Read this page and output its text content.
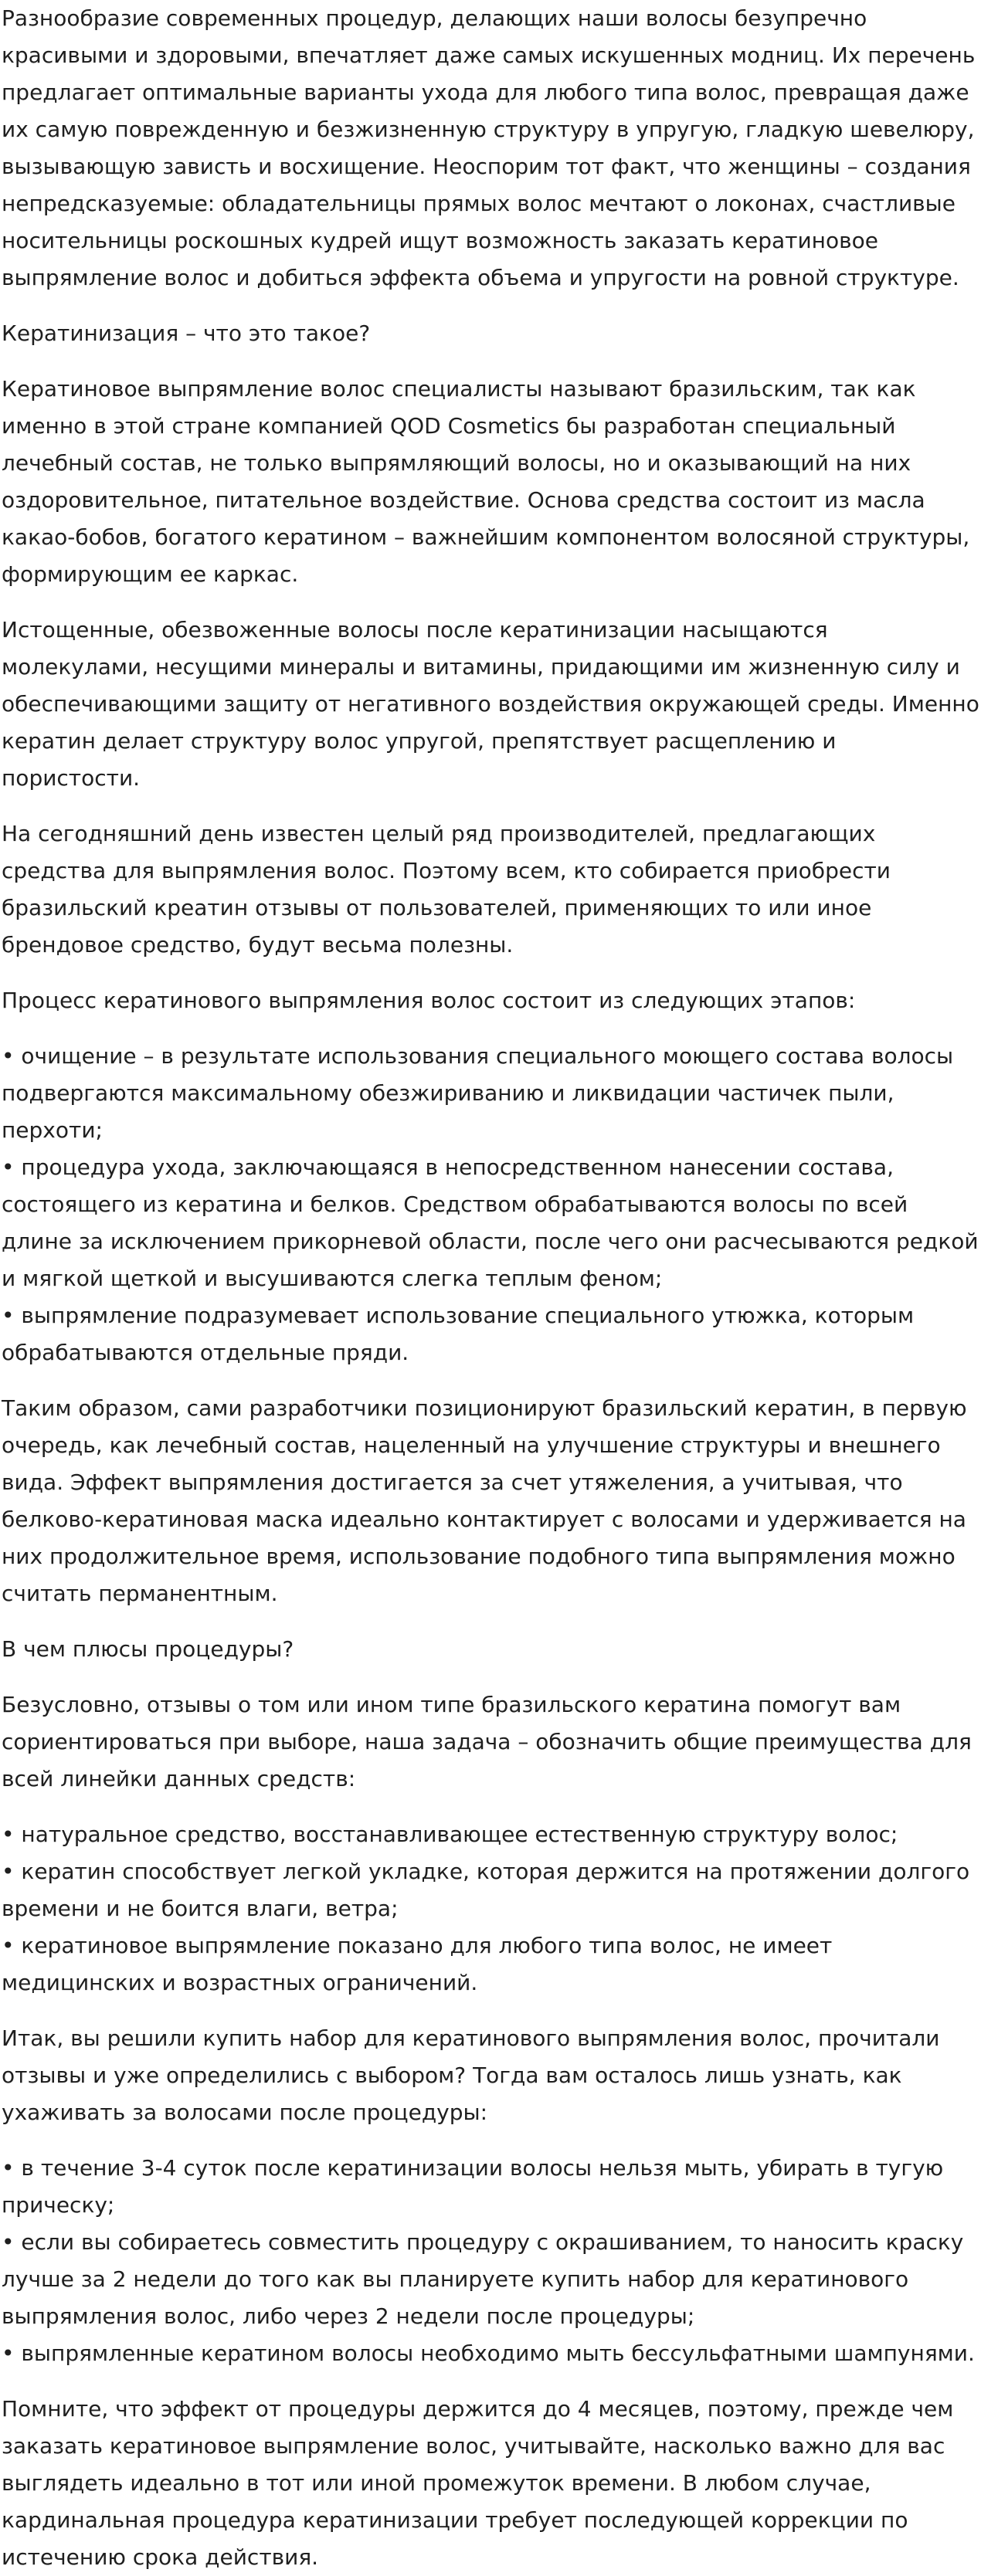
Разнообразие современных процедур, делающих наши волосы безупречно красивыми и здоровыми, впечатляет даже самых искушенных модниц. Их перечень предлагает оптимальные варианты ухода для любого типа волос, превращая даже их самую поврежденную и безжизненную структуру в упругую, гладкую шевелюру, вызывающую зависть и восхищение. Неоспорим тот факт, что женщины – создания непредсказуемые: обладательницы прямых волос мечтают о локонах, счастливые носительницы роскошных кудрей ищут возможность заказать кератиновое выпрямление волос и добиться эффекта объема и упругости на ровной структуре.

Кератинизация – что это такое?

Кератиновое выпрямление волос специалисты называют бразильским, так как именно в этой стране компанией QOD Cosmetics бы разработан специальный лечебный состав, не только выпрямляющий волосы, но и оказывающий на них оздоровительное, питательное воздействие. Основа средства состоит из масла какао-бобов, богатого кератином – важнейшим компонентом волосяной структуры, формирующим ее каркас.

Истощенные, обезвоженные волосы после кератинизации насыщаются молекулами, несущими минералы и витамины, придающими им жизненную силу и обеспечивающими защиту от негативного воздействия окружающей среды. Именно кератин делает структуру волос упругой, препятствует расщеплению и пористости.

На сегодняшний день известен целый ряд производителей, предлагающих средства для выпрямления волос. Поэтому всем, кто собирается приобрести бразильский креатин отзывы от пользователей, применяющих то или иное брендовое средство, будут весьма полезны.

Процесс кератинового выпрямления волос состоит из следующих этапов:

• очищение – в результате использования специального моющего состава волосы подвергаются максимальному обезжириванию и ликвидации частичек пыли, перхоти;
• процедура ухода, заключающаяся в непосредственном нанесении состава, состоящего из кератина и белков. Средством обрабатываются волосы по всей длине за исключением прикорневой области, после чего они расчесываются редкой и мягкой щеткой и высушиваются слегка теплым феном;
• выпрямление подразумевает использование специального утюжка, которым обрабатываются отдельные пряди.

Таким образом, сами разработчики позиционируют бразильский кератин, в первую очередь, как лечебный состав, нацеленный на улучшение структуры и внешнего вида. Эффект выпрямления достигается за счет утяжеления, а учитывая, что белково-кератиновая маска идеально контактирует с волосами и удерживается на них продолжительное время, использование подобного типа выпрямления можно считать перманентным.

В чем плюсы процедуры?

Безусловно, отзывы о том или ином типе бразильского кератина помогут вам сориентироваться при выборе, наша задача – обозначить общие преимущества для всей линейки данных средств:

• натуральное средство, восстанавливающее естественную структуру волос;
• кератин способствует легкой укладке, которая держится на протяжении долгого времени и не боится влаги, ветра;
• кератиновое выпрямление показано для любого типа волос, не имеет медицинских и возрастных ограничений.

Итак, вы решили купить набор для кератинового выпрямления волос, прочитали отзывы и уже определились с выбором? Тогда вам осталось лишь узнать, как ухаживать за волосами после процедуры:

• в течение 3-4 суток после кератинизации волосы нельзя мыть, убирать в тугую прическу;
• если вы собираетесь совместить процедуру с окрашиванием, то наносить краску лучше за 2 недели до того как вы планируете купить набор для кератинового выпрямления волос, либо через 2 недели после процедуры;
• выпрямленные кератином волосы необходимо мыть бессульфатными шампунями.

Помните, что эффект от процедуры держится до 4 месяцев, поэтому, прежде чем заказать кератиновое выпрямление волос, учитывайте, насколько важно для вас выглядеть идеально в тот или иной промежуток времени. В любом случае, кардинальная процедура кератинизации требует последующей коррекции по истечению срока действия.
